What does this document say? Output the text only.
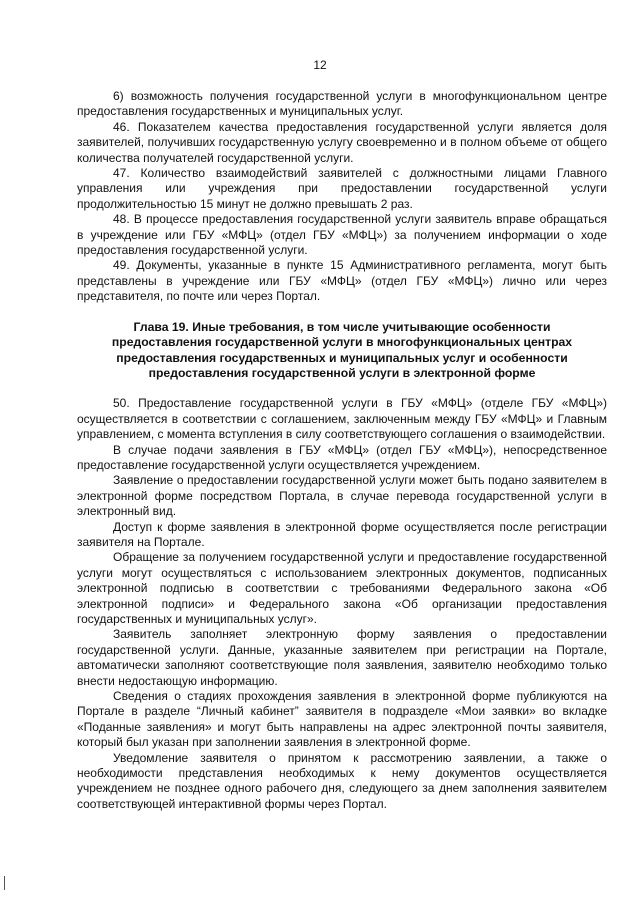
12

6) возможность получения государственной услуги в многофункциональном центре предоставления государственных и муниципальных услуг.

46. Показателем качества предоставления государственной услуги является доля заявителей, получивших государственную услугу своевременно и в полном объеме от общего количества получателей государственной услуги.

47. Количество взаимодействий заявителей с должностными лицами Главного управления или учреждения при предоставлении государственной услуги продолжительностью 15 минут не должно превышать 2 раз.

48. В процессе предоставления государственной услуги заявитель вправе обращаться в учреждение или ГБУ «МФЦ» (отдел ГБУ «МФЦ») за получением информации о ходе предоставления государственной услуги.

49. Документы, указанные в пункте 15 Административного регламента, могут быть представлены в учреждение или ГБУ «МФЦ» (отдел ГБУ «МФЦ») лично или через представителя, по почте или через Портал.

Глава 19. Иные требования, в том числе учитывающие особенности
предоставления государственной услуги в многофункциональных центрах
предоставления государственных и муниципальных услуг и особенности
предоставления государственной услуги в электронной форме

50. Предоставление государственной услуги в ГБУ «МФЦ» (отделе ГБУ «МФЦ») осуществляется в соответствии с соглашением, заключенным между ГБУ «МФЦ» и Главным управлением, с момента вступления в силу соответствующего соглашения о взаимодействии.

В случае подачи заявления в ГБУ «МФЦ» (отдел ГБУ «МФЦ»), непосредственное предоставление государственной услуги осуществляется учреждением.

Заявление о предоставлении государственной услуги может быть подано заявителем в электронной форме посредством Портала, в случае перевода государственной услуги в электронный вид.

Доступ к форме заявления в электронной форме осуществляется после регистрации заявителя на Портале.

Обращение за получением государственной услуги и предоставление государственной услуги могут осуществляться с использованием электронных документов, подписанных электронной подписью в соответствии с требованиями Федерального закона «Об электронной подписи» и Федерального закона «Об организации предоставления государственных и муниципальных услуг».

Заявитель заполняет электронную форму заявления о предоставлении государственной услуги. Данные, указанные заявителем при регистрации на Портале, автоматически заполняют соответствующие поля заявления, заявителю необходимо только внести недостающую информацию.

Сведения о стадиях прохождения заявления в электронной форме публикуются на Портале в разделе “Личный кабинет” заявителя в подразделе «Мои заявки» во вкладке «Поданные заявления» и могут быть направлены на адрес электронной почты заявителя, который был указан при заполнении заявления в электронной форме.

Уведомление заявителя о принятом к рассмотрению заявлении, а также о необходимости представления необходимых к нему документов осуществляется учреждением не позднее одного рабочего дня, следующего за днем заполнения заявителем соответствующей интерактивной формы через Портал.
